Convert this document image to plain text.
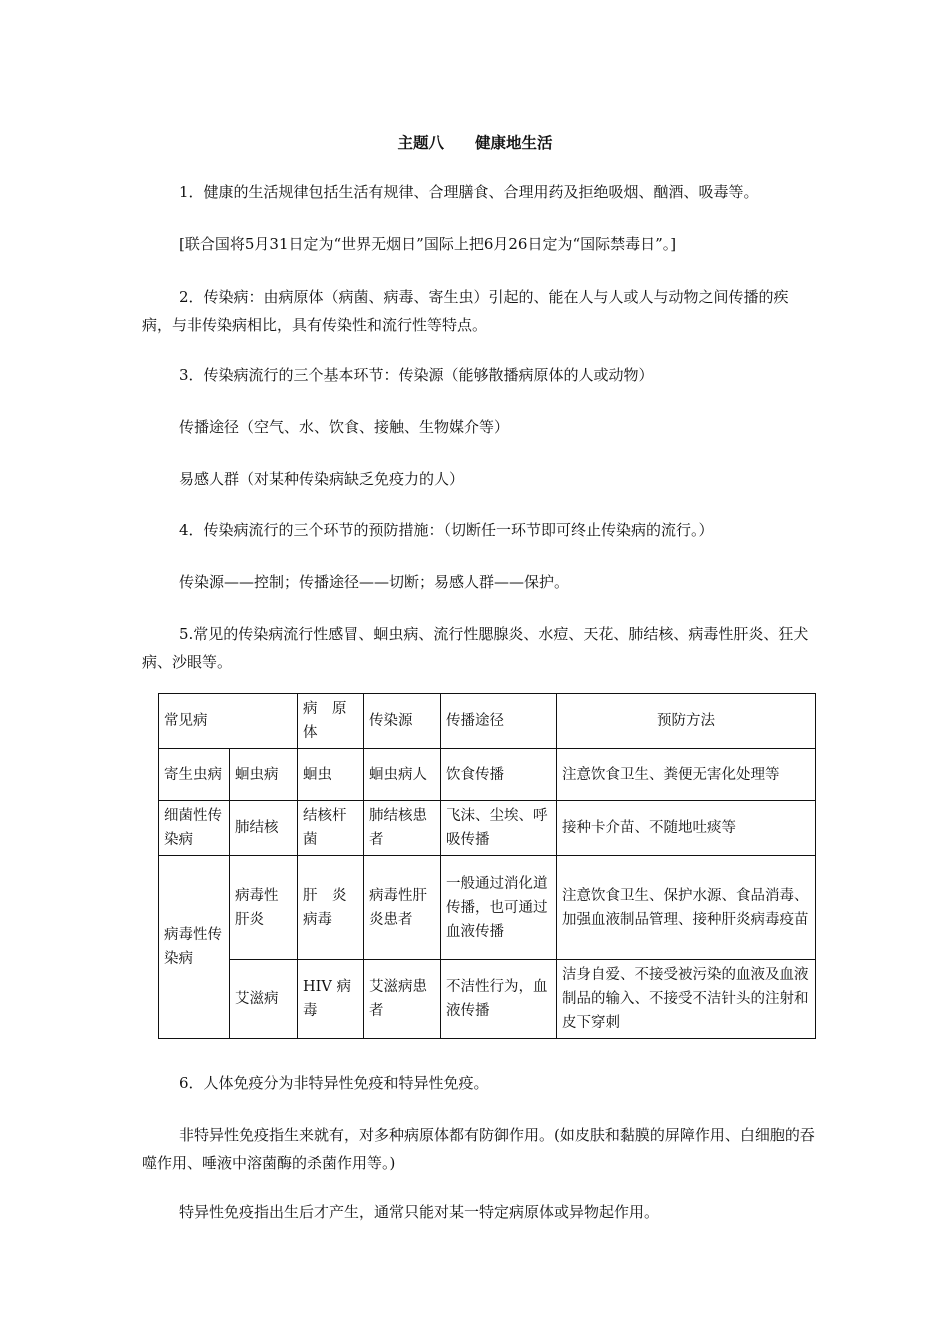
主题八　　健康地生活
1．健康的生活规律包括生活有规律、合理膳食、合理用药及拒绝吸烟、酗酒、吸毒等。
[联合国将5月31日定为“世界无烟日”国际上把6月26日定为“国际禁毒日”。]
2．传染病：由病原体（病菌、病毒、寄生虫）引起的、能在人与人或人与动物之间传播的疾病，与非传染病相比，具有传染性和流行性等特点。
3．传染病流行的三个基本环节：传染源（能够散播病原体的人或动物）
传播途径（空气、水、饮食、接触、生物媒介等）
易感人群（对某种传染病缺乏免疫力的人）
4．传染病流行的三个环节的预防措施：（切断任一环节即可终止传染病的流行。）
传染源——控制；传播途径——切断；易感人群——保护。
5.常见的传染病流行性感冒、蛔虫病、流行性腮腺炎、水痘、天花、肺结核、病毒性肝炎、狂犬病、沙眼等。
常见病		病　原体	传染源	传播途径	预防方法
寄生虫病	蛔虫病	蛔虫	蛔虫病人	饮食传播	注意饮食卫生、粪便无害化处理等
细菌性传染病	肺结核	结核杆菌	肺结核患者	飞沫、尘埃、呼吸传播	接种卡介苗、不随地吐痰等
病毒性传染病	病毒性肝炎	肝　炎病毒	病毒性肝炎患者	一般通过消化道传播，也可通过血液传播	注意饮食卫生、保护水源、食品消毒、加强血液制品管理、接种肝炎病毒疫苗
	艾滋病	HIV 病毒	艾滋病患者	不洁性行为，血液传播	洁身自爱、不接受被污染的血液及血液制品的输入、不接受不洁针头的注射和皮下穿刺
6．人体免疫分为非特异性免疫和特异性免疫。
非特异性免疫指生来就有，对多种病原体都有防御作用。(如皮肤和黏膜的屏障作用、白细胞的吞噬作用、唾液中溶菌酶的杀菌作用等。)
特异性免疫指出生后才产生，通常只能对某一特定病原体或异物起作用。
